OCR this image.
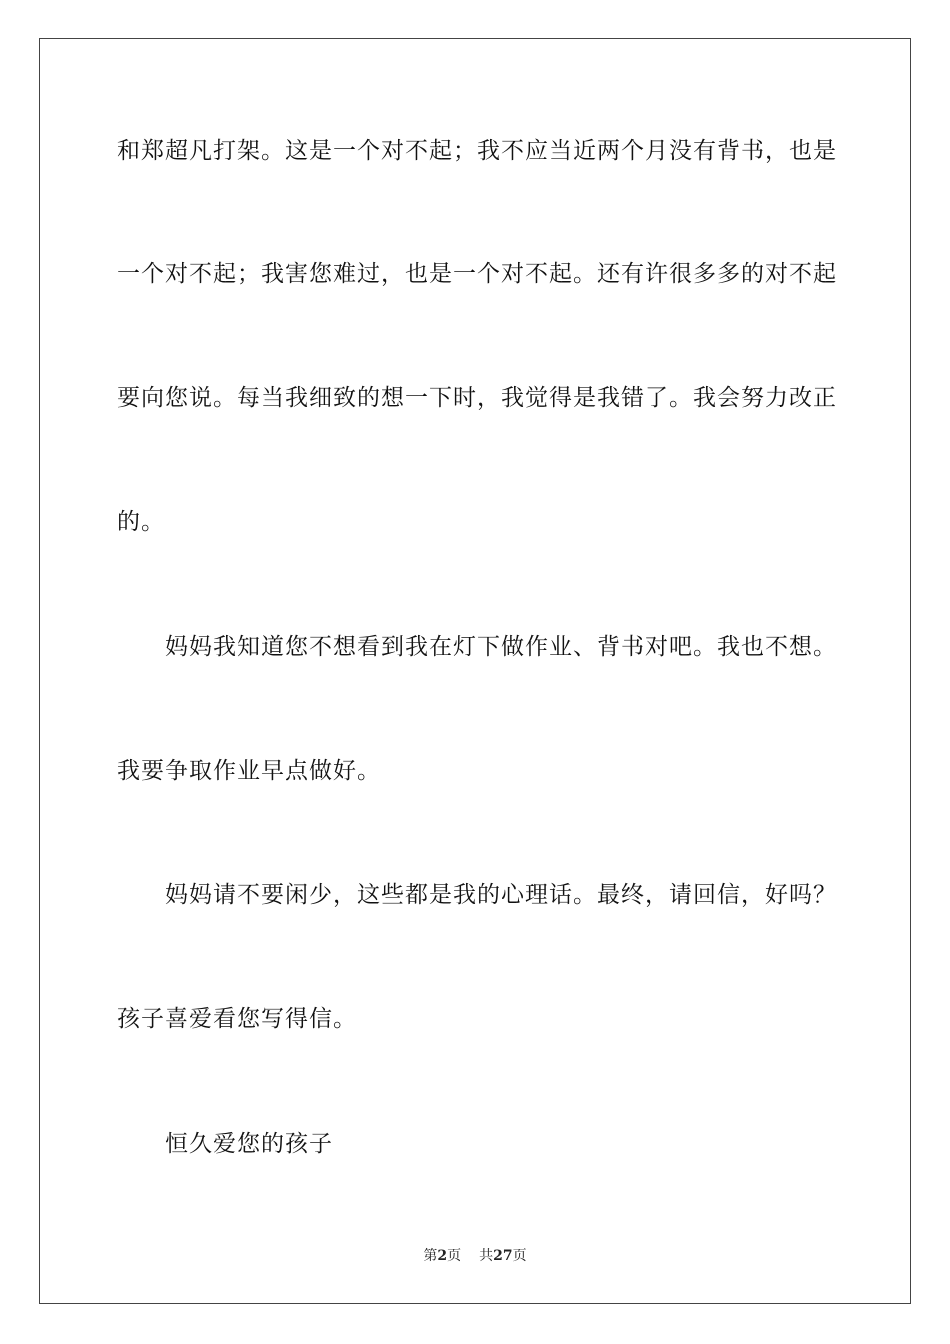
和郑超凡打架。这是一个对不起；我不应当近两个月没有背书，也是
一个对不起；我害您难过，也是一个对不起。还有许很多多的对不起
要向您说。每当我细致的想一下时，我觉得是我错了。我会努力改正
的。
妈妈我知道您不想看到我在灯下做作业、背书对吧。我也不想。
我要争取作业早点做好。
妈妈请不要闲少，这些都是我的心理话。最终，请回信，好吗？
孩子喜爱看您写得信。
恒久爱您的孩子
第2页 共27页
